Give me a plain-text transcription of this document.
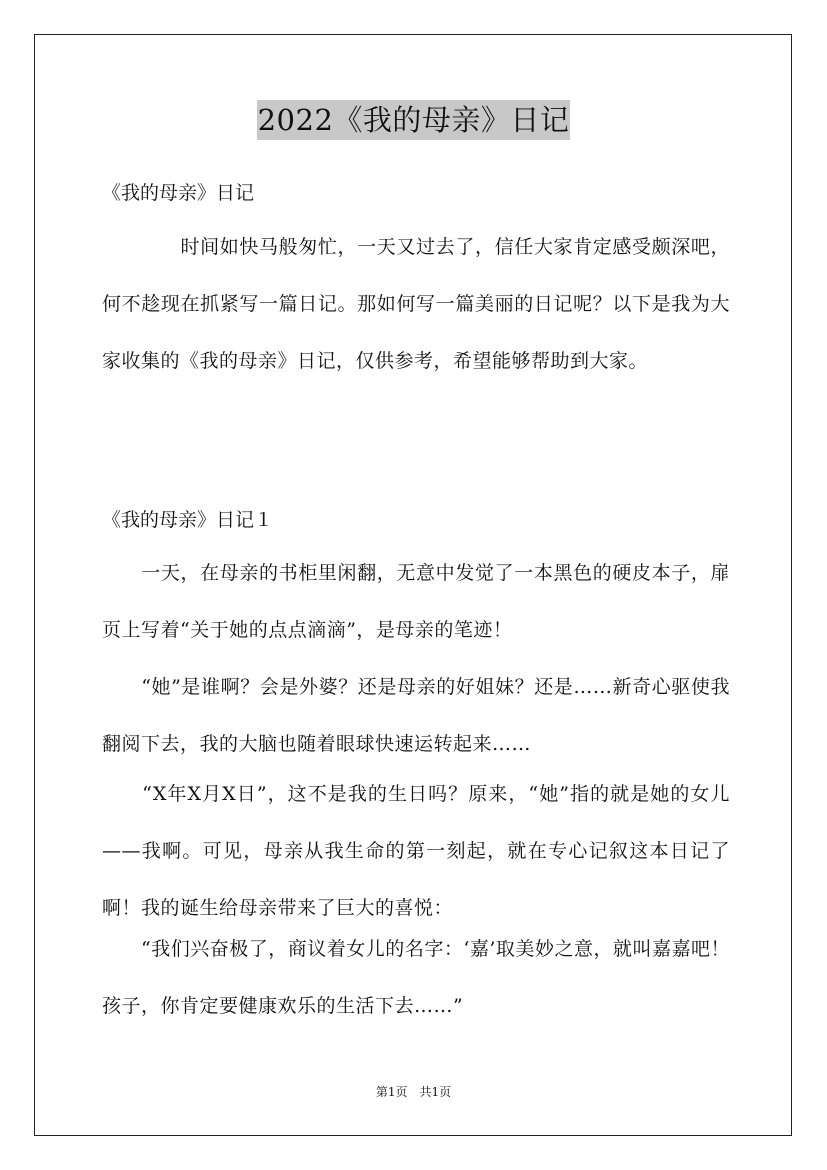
2022《我的母亲》日记

《我的母亲》日记

　　　　时间如快马般匆忙，一天又过去了，信任大家肯定感受颇深吧，何不趁现在抓紧写一篇日记。那如何写一篇美丽的日记呢？以下是我为大家收集的《我的母亲》日记，仅供参考，希望能够帮助到大家。

《我的母亲》日记１

　　一天，在母亲的书柜里闲翻，无意中发觉了一本黑色的硬皮本子，扉页上写着“关于她的点点滴滴”，是母亲的笔迹！

　　“她”是谁啊？会是外婆？还是母亲的好姐妹？还是……新奇心驱使我翻阅下去，我的大脑也随着眼球快速运转起来……

　　“X年X月X日”，这不是我的生日吗？原来，“她”指的就是她的女儿——我啊。可见，母亲从我生命的第一刻起，就在专心记叙这本日记了啊！我的诞生给母亲带来了巨大的喜悦：

　　“我们兴奋极了，商议着女儿的名字：‘嘉’取美妙之意，就叫嘉嘉吧！孩子，你肯定要健康欢乐的生活下去……”

第1页　共1页
